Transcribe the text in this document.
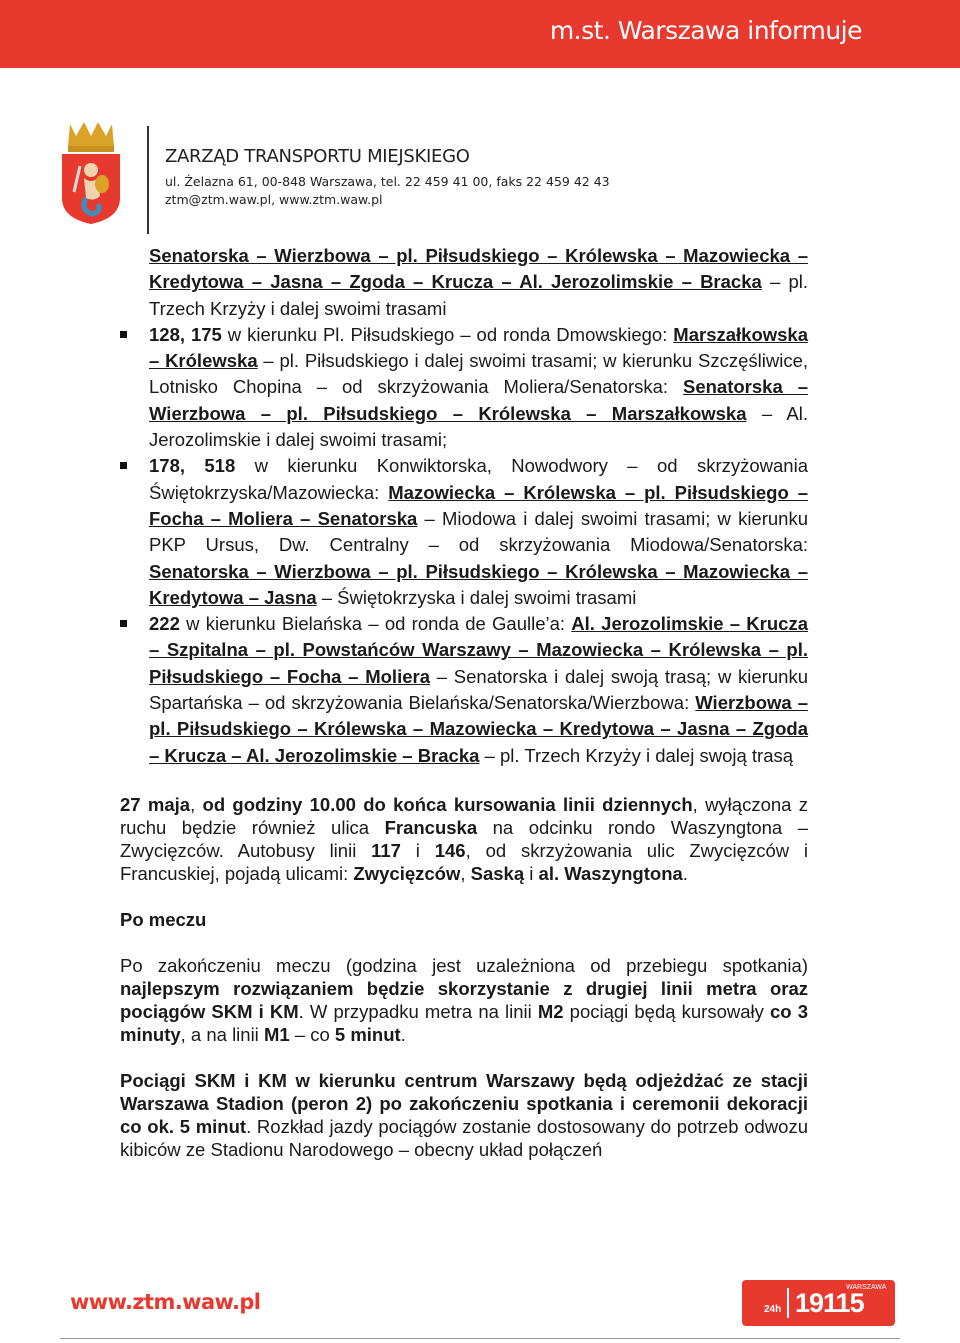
m.st. Warszawa informuje
ZARZĄD TRANSPORTU MIEJSKIEGO
ul. Żelazna 61, 00-848 Warszawa, tel. 22 459 41 00, faks 22 459 42 43
ztm@ztm.waw.pl, www.ztm.waw.pl

Senatorska – Wierzbowa – pl. Piłsudskiego – Królewska – Mazowiecka – Kredytowa – Jasna – Zgoda – Krucza – Al. Jerozolimskie – Bracka – pl. Trzech Krzyży i dalej swoimi trasami

128, 175 w kierunku Pl. Piłsudskiego – od ronda Dmowskiego: Marszałkowska – Królewska – pl. Piłsudskiego i dalej swoimi trasami; w kierunku Szczęśliwice, Lotnisko Chopina – od skrzyżowania Moliera/Senatorska: Senatorska – Wierzbowa – pl. Piłsudskiego – Królewska – Marszałkowska – Al. Jerozolimskie i dalej swoimi trasami;
178, 518 w kierunku Konwiktorska, Nowodwory – od skrzyżowania Świętokrzyska/Mazowiecka: Mazowiecka – Królewska – pl. Piłsudskiego – Focha – Moliera – Senatorska – Miodowa i dalej swoimi trasami; w kierunku PKP Ursus, Dw. Centralny – od skrzyżowania Miodowa/Senatorska: Senatorska – Wierzbowa – pl. Piłsudskiego – Królewska – Mazowiecka – Kredytowa – Jasna – Świętokrzyska i dalej swoimi trasami
222 w kierunku Bielańska – od ronda de Gaulle’a: Al. Jerozolimskie – Krucza – Szpitalna – pl. Powstańców Warszawy – Mazowiecka – Królewska – pl. Piłsudskiego – Focha – Moliera – Senatorska i dalej swoją trasą; w kierunku Spartańska – od skrzyżowania Bielańska/Senatorska/Wierzbowa: Wierzbowa – pl. Piłsudskiego – Królewska – Mazowiecka – Kredytowa – Jasna – Zgoda – Krucza – Al. Jerozolimskie – Bracka – pl. Trzech Krzyży i dalej swoją trasą

27 maja, od godziny 10.00 do końca kursowania linii dziennych, wyłączona z ruchu będzie również ulica Francuska na odcinku rondo Waszyngtona – Zwycięzców. Autobusy linii 117 i 146, od skrzyżowania ulic Zwycięzców i Francuskiej, pojadą ulicami: Zwycięzców, Saską i al. Waszyngtona.

Po meczu

Po zakończeniu meczu (godzina jest uzależniona od przebiegu spotkania) najlepszym rozwiązaniem będzie skorzystanie z drugiej linii metra oraz pociągów SKM i KM. W przypadku metra na linii M2 pociągi będą kursowały co 3 minuty, a na linii M1 – co 5 minut.

Pociągi SKM i KM w kierunku centrum Warszawy będą odjeżdżać ze stacji Warszawa Stadion (peron 2) po zakończeniu spotkania i ceremonii dekoracji co ok. 5 minut. Rozkład jazdy pociągów zostanie dostosowany do potrzeb odwozu kibiców ze Stadionu Narodowego – obecny układ połączeń

www.ztm.waw.pl	24h
WARSZAWA
19115
